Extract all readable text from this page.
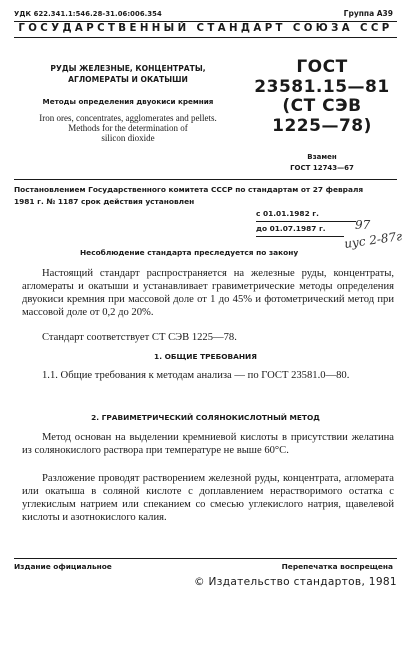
УДК 622.341.1:546.28-31.06:006.354	Группа А39
ГОСУДАРСТВЕННЫЙ СТАНДАРТ СОЮЗА ССР
РУДЫ ЖЕЛЕЗНЫЕ, КОНЦЕНТРАТЫ,
АГЛОМЕРАТЫ И ОКАТЫШИ
Методы определения двуокиси кремния
Iron ores, concentrates, agglomerates and pellets.
Methods for the determination of
silicon dioxide
ГОСТ
23581.15—81
(СТ СЭВ
1225—78)
Взамен
ГОСТ 12743—67
Постановлением Государственного комитета СССР по стандартам от 27 февраля 1981 г. № 1187 срок действия установлен
с 01.01.1982 г.
до 01.07.1987 г. 97
иус 2-87г
Несоблюдение стандарта преследуется по закону
Настоящий стандарт распространяется на железные руды, концентраты, агломераты и окатыши и устанавливает гравиметрические методы определения двуокиси кремния при массовой доле от 1 до 45% и фотометрический метод при массовой доле от 0,2 до 20%.
Стандарт соответствует СТ СЭВ 1225—78.
1. ОБЩИЕ ТРЕБОВАНИЯ
1.1. Общие требования к методам анализа — по ГОСТ 23581.0—80.
2. ГРАВИМЕТРИЧЕСКИЙ СОЛЯНОКИСЛОТНЫЙ МЕТОД
Метод основан на выделении кремниевой кислоты в присутствии желатина из солянокислого раствора при температуре не выше 60°С.
Разложение проводят растворением железной руды, концентрата, агломерата или окатыша в соляной кислоте с доплавлением нерастворимого остатка с углекислым натрием или спеканием со смесью углекислого натрия, щавелевой кислоты и азотнокислого калия.
Издание официальное	Перепечатка воспрещена
© Издательство стандартов, 1981
